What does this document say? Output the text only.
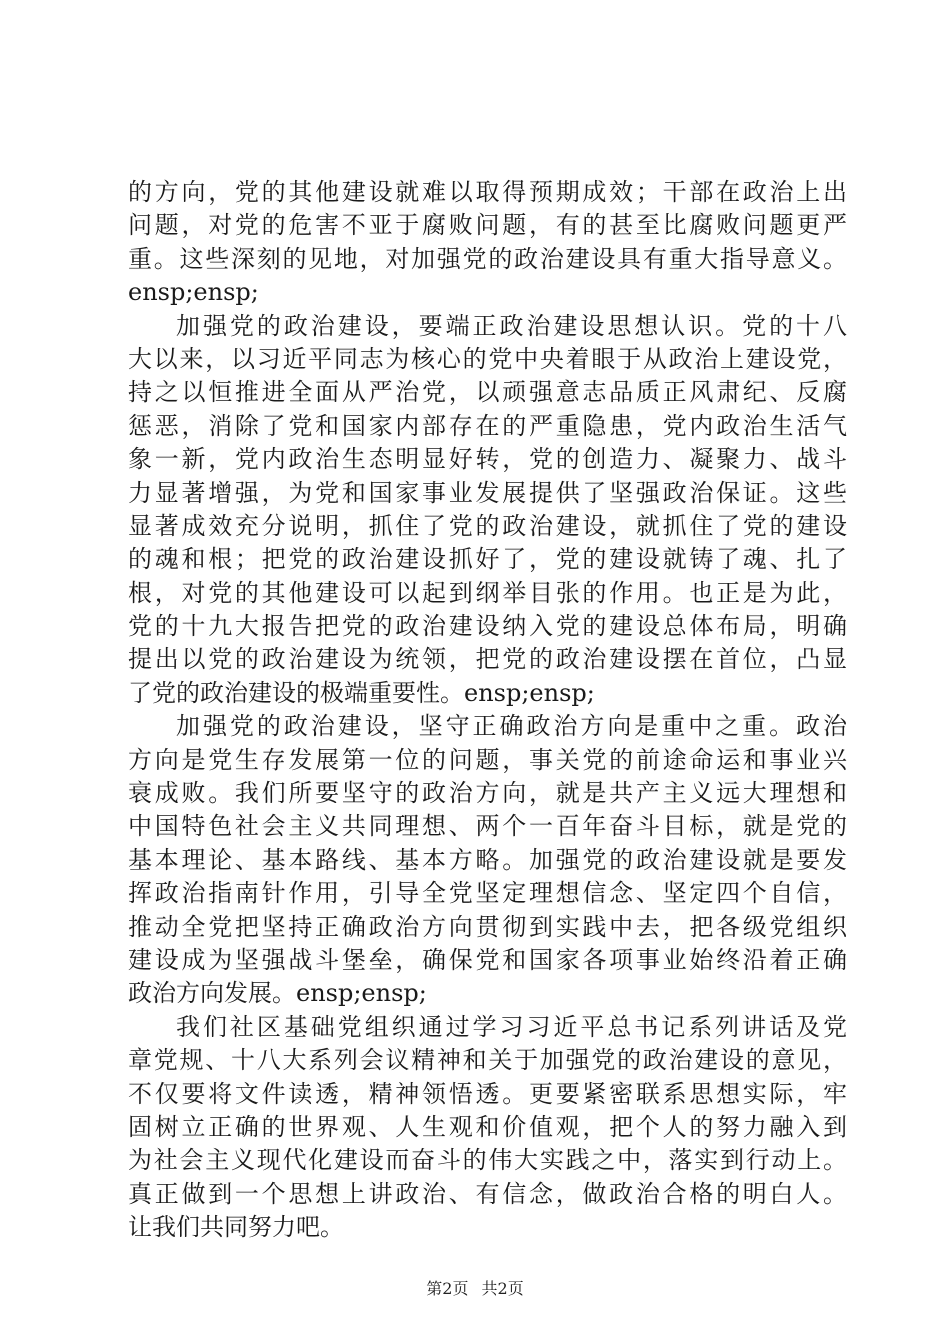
的方向，党的其他建设就难以取得预期成效；干部在政治上出
问题，对党的危害不亚于腐败问题，有的甚至比腐败问题更严
重。这些深刻的见地，对加强党的政治建设具有重大指导意义。
ensp;ensp;
加强党的政治建设，要端正政治建设思想认识。党的十八
大以来，以习近平同志为核心的党中央着眼于从政治上建设党，
持之以恒推进全面从严治党，以顽强意志品质正风肃纪、反腐
惩恶，消除了党和国家内部存在的严重隐患，党内政治生活气
象一新，党内政治生态明显好转，党的创造力、凝聚力、战斗
力显著增强，为党和国家事业发展提供了坚强政治保证。这些
显著成效充分说明，抓住了党的政治建设，就抓住了党的建设
的魂和根；把党的政治建设抓好了，党的建设就铸了魂、扎了
根，对党的其他建设可以起到纲举目张的作用。也正是为此，
党的十九大报告把党的政治建设纳入党的建设总体布局，明确
提出以党的政治建设为统领，把党的政治建设摆在首位，凸显
了党的政治建设的极端重要性。ensp;ensp;
加强党的政治建设，坚守正确政治方向是重中之重。政治
方向是党生存发展第一位的问题，事关党的前途命运和事业兴
衰成败。我们所要坚守的政治方向，就是共产主义远大理想和
中国特色社会主义共同理想、两个一百年奋斗目标，就是党的
基本理论、基本路线、基本方略。加强党的政治建设就是要发
挥政治指南针作用，引导全党坚定理想信念、坚定四个自信，
推动全党把坚持正确政治方向贯彻到实践中去，把各级党组织
建设成为坚强战斗堡垒，确保党和国家各项事业始终沿着正确
政治方向发展。ensp;ensp;
我们社区基础党组织通过学习习近平总书记系列讲话及党
章党规、十八大系列会议精神和关于加强党的政治建设的意见，
不仅要将文件读透，精神领悟透。更要紧密联系思想实际，牢
固树立正确的世界观、人生观和价值观，把个人的努力融入到
为社会主义现代化建设而奋斗的伟大实践之中，落实到行动上。
真正做到一个思想上讲政治、有信念，做政治合格的明白人。
让我们共同努力吧。
第2页 共2页
